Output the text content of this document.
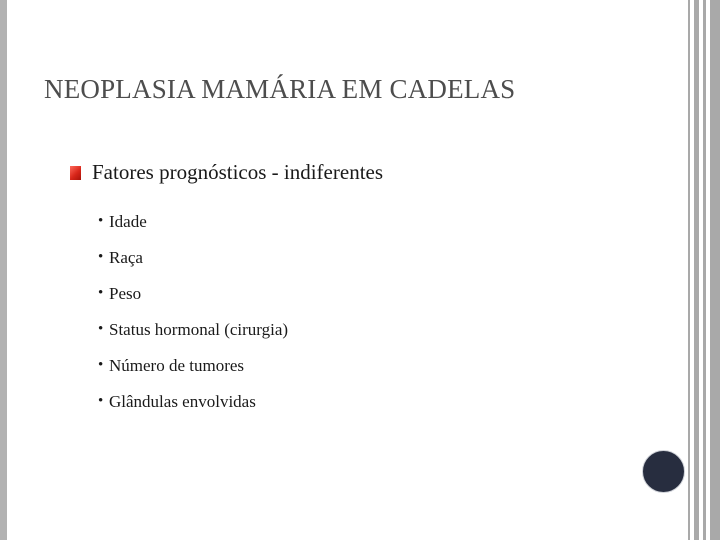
NEOPLASIA MAMÁRIA EM CADELAS
Fatores prognósticos - indiferentes
• Idade
• Raça
• Peso
• Status hormonal (cirurgia)
• Número de tumores
• Glândulas envolvidas
